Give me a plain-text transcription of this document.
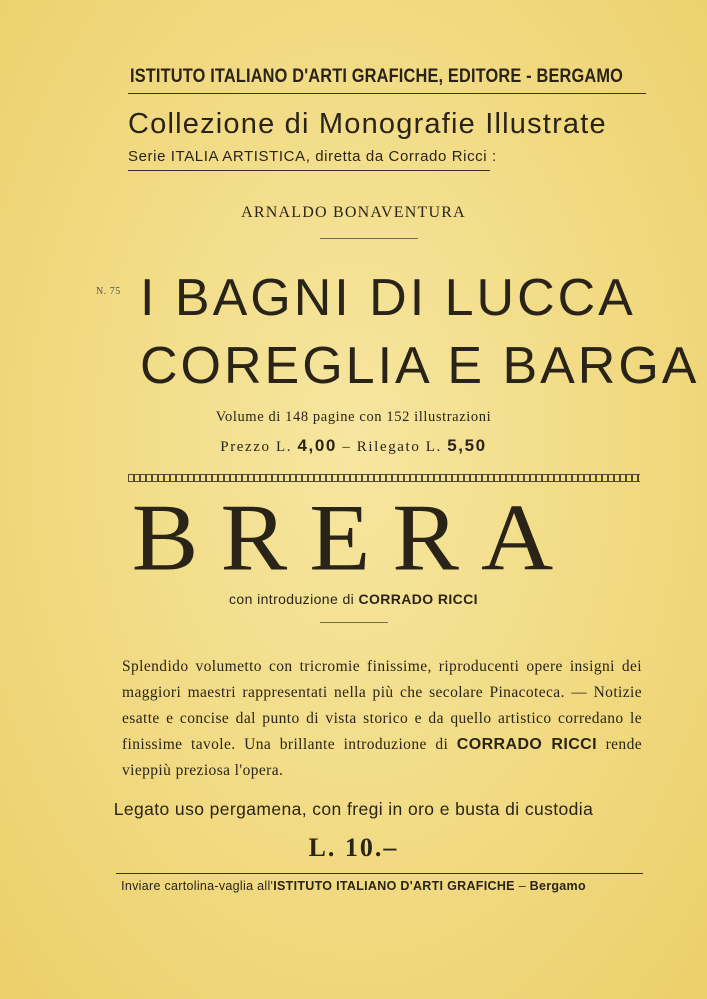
ISTITUTO ITALIANO D'ARTI GRAFICHE, EDITORE - BERGAMO
Collezione di Monografie Illustrate
Serie ITALIA ARTISTICA, diretta da Corrado Ricci :
ARNALDO BONAVENTURA
N. 75 I BAGNI DI LUCCA
COREGLIA E BARGA
Volume di 148 pagine con 152 illustrazioni
Prezzo L. 4,00 – Rilegato L. 5,50
BRERA
con introduzione di CORRADO RICCI
Splendido volumetto con tricromie finissime, riproducenti opere insigni dei maggiori maestri rappresentati nella più che secolare Pinacoteca. — Notizie esatte e concise dal punto di vista storico e da quello artistico corredano le finissime tavole. Una brillante introduzione di CORRADO RICCI rende vieppiù preziosa l'opera.
Legato uso pergamena, con fregi in oro e busta di custodia
L. 10.–
Inviare cartolina-vaglia all'ISTITUTO ITALIANO D'ARTI GRAFICHE – Bergamo
